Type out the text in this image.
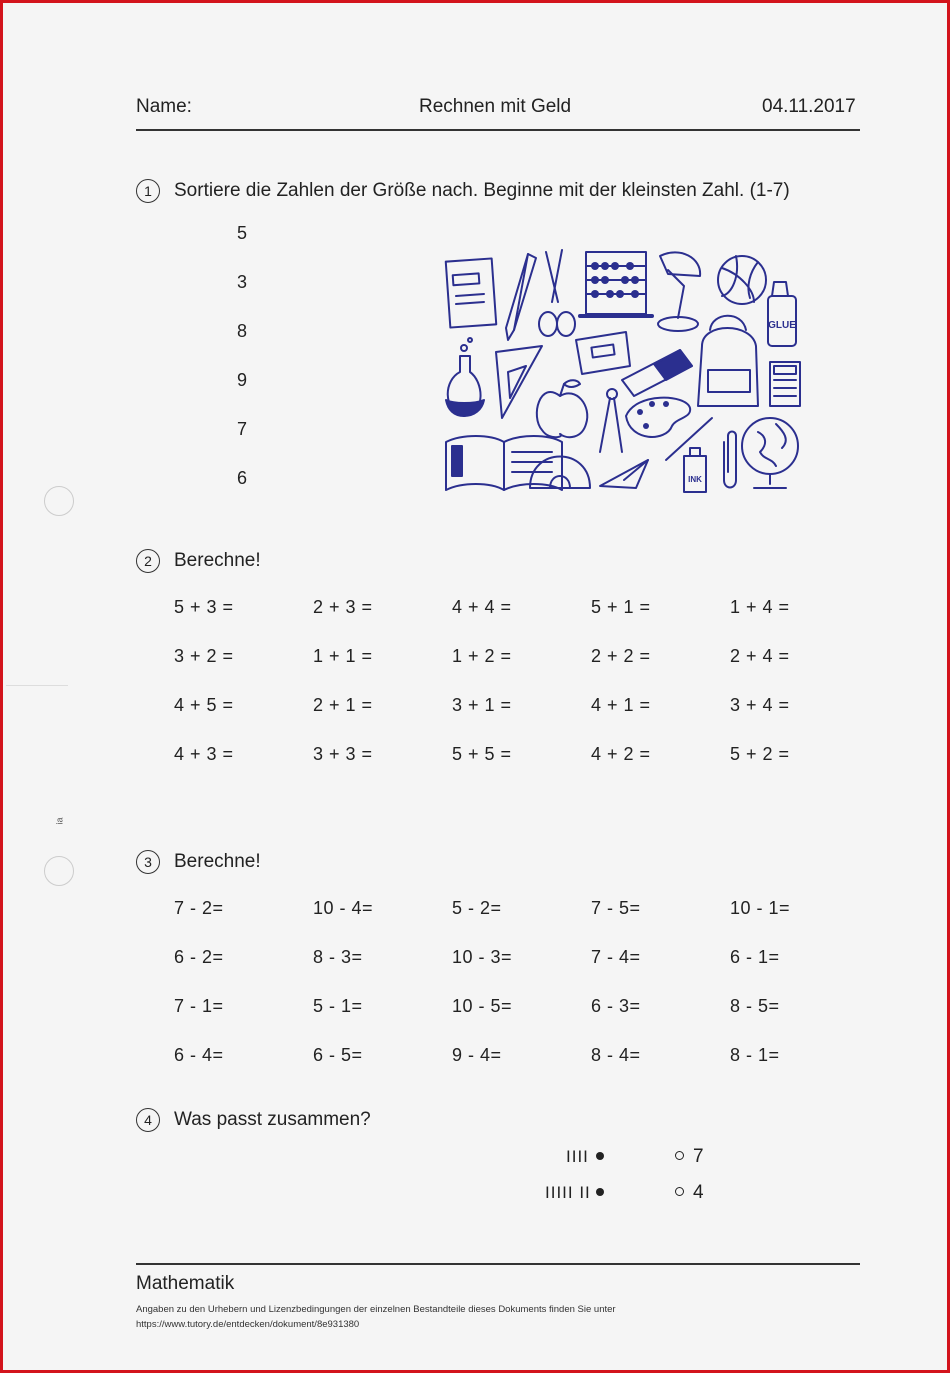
ia
Name:	Rechnen mit Geld	04.11.2017
1	Sortiere die Zahlen der Größe nach. Beginne mit der kleinsten Zahl. (1-7)
5
3
8
9
7
6
GLUE
INK
2	Berechne!
5 + 3 =	2 + 3 =	4 + 4 =	5 + 1 =	1 + 4 =
3 + 2 =	1 + 1 =	1 + 2 =	2 + 2 =	2 + 4 =
4 + 5 =	2 + 1 =	3 + 1 =	4 + 1 =	3 + 4 =
4 + 3 =	3 + 3 =	5 + 5 =	4 + 2 =	5 + 2 =
3	Berechne!
7 - 2=	10 - 4=	5 - 2=	7 - 5=	10 - 1=
6 - 2=	8 - 3=	10 - 3=	7 - 4=	6 - 1=
7 - 1=	5 - 1=	10 - 5=	6 - 3=	8 - 5=
6 - 4=	6 - 5=	9 - 4=	8 - 4=	8 - 1=
4	Was passt zusammen?
IIII	7
IIIII II	4
Mathematik
Angaben zu den Urhebern und Lizenzbedingungen der einzelnen Bestandteile dieses Dokuments finden Sie unter
https://www.tutory.de/entdecken/dokument/8e931380
